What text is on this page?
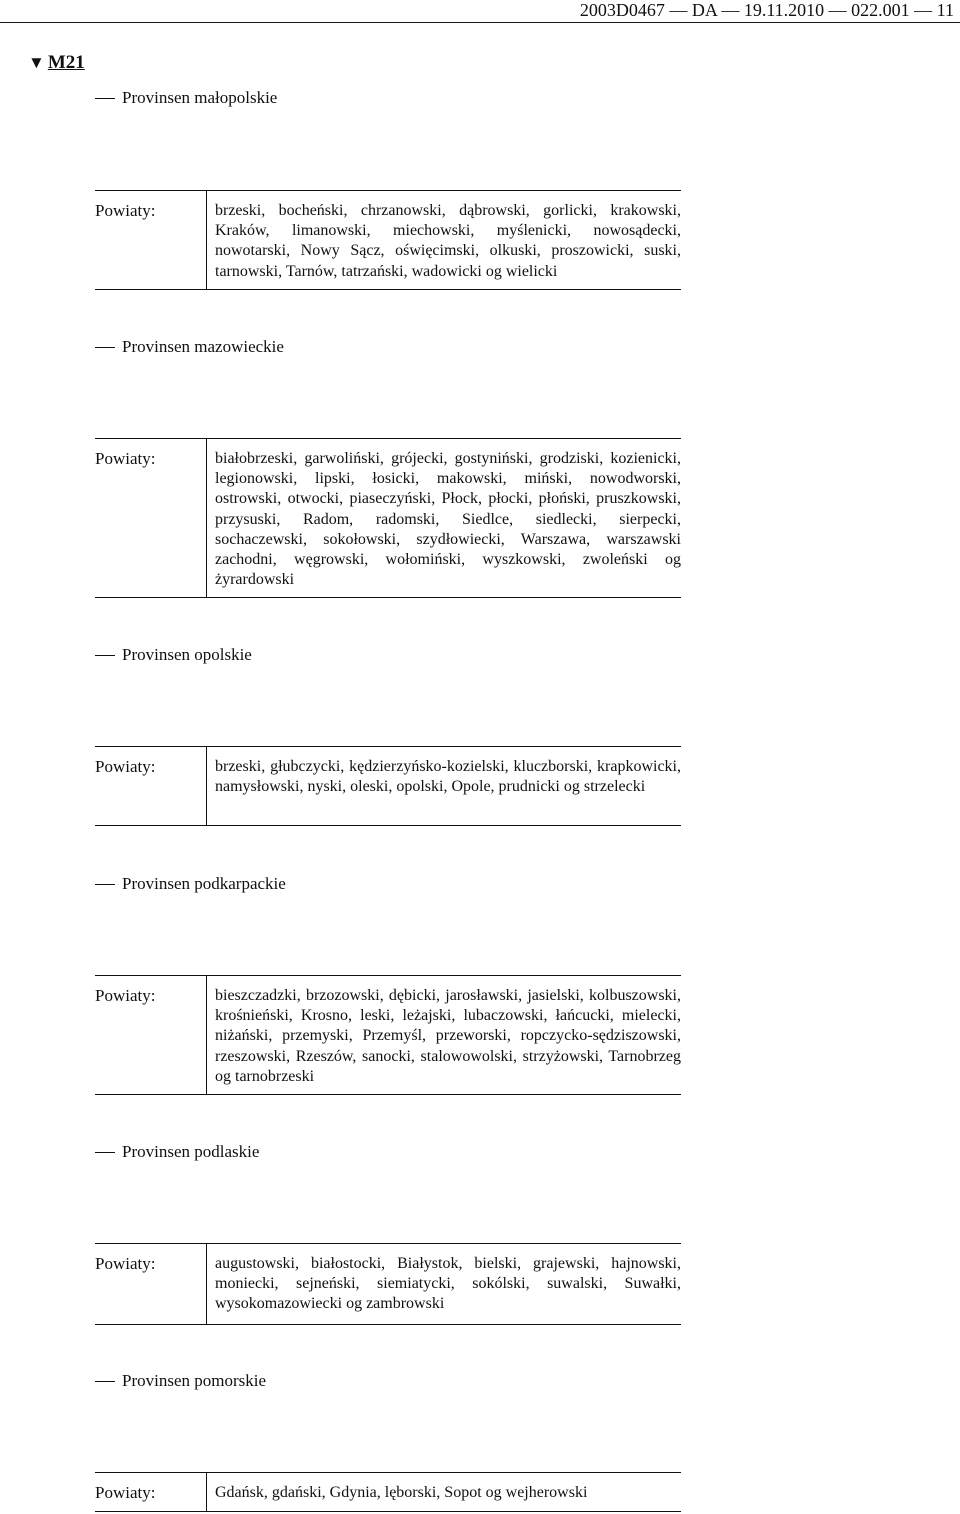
2003D0467 — DA — 19.11.2010 — 022.001 — 11
▼ M21
Provinsen małopolskie
Powiaty:	brzeski, bocheński, chrzanowski, dąbrowski, gorlicki, krakowski, Kraków, limanowski, miechowski, myślenicki, nowosądecki, nowotarski, Nowy Sącz, oświęcimski, olkuski, proszowicki, suski, tarnowski, Tarnów, tatrzański, wadowicki og wielicki

Provinsen mazowieckie
Powiaty:	białobrzeski, garwoliński, grójecki, gostyniński, grodziski, kozienicki, legionowski, lipski, łosicki, makowski, miński, nowodworski, ostrowski, otwocki, piaseczyński, Płock, płocki, płoński, pruszkowski, przysuski, Radom, radomski, Siedlce, siedlecki, sierpecki, sochaczewski, sokołowski, szydłowiecki, Warszawa, warszawski zachodni, węgrowski, wołomiński, wyszkowski, zwoleński og żyrardowski

Provinsen opolskie
Powiaty:	brzeski, głubczycki, kędzierzyńsko-kozielski, kluczborski, krapkowicki, namysłowski, nyski, oleski, opolski, Opole, prudnicki og strzelecki

Provinsen podkarpackie
Powiaty:	bieszczadzki, brzozowski, dębicki, jarosławski, jasielski, kolbuszowski, krośnieński, Krosno, leski, leżajski, lubaczowski, łańcucki, mielecki, niżański, przemyski, Przemyśl, przeworski, ropczycko-sędziszowski, rzeszowski, Rzeszów, sanocki, stalowowolski, strzyżowski, Tarnobrzeg og tarnobrzeski

Provinsen podlaskie
Powiaty:	augustowski, białostocki, Białystok, bielski, grajewski, hajnowski, moniecki, sejneński, siemiatycki, sokólski, suwalski, Suwałki, wysokomazowiecki og zambrowski

Provinsen pomorskie
Powiaty:	Gdańsk, gdański, Gdynia, lęborski, Sopot og wejherowski
